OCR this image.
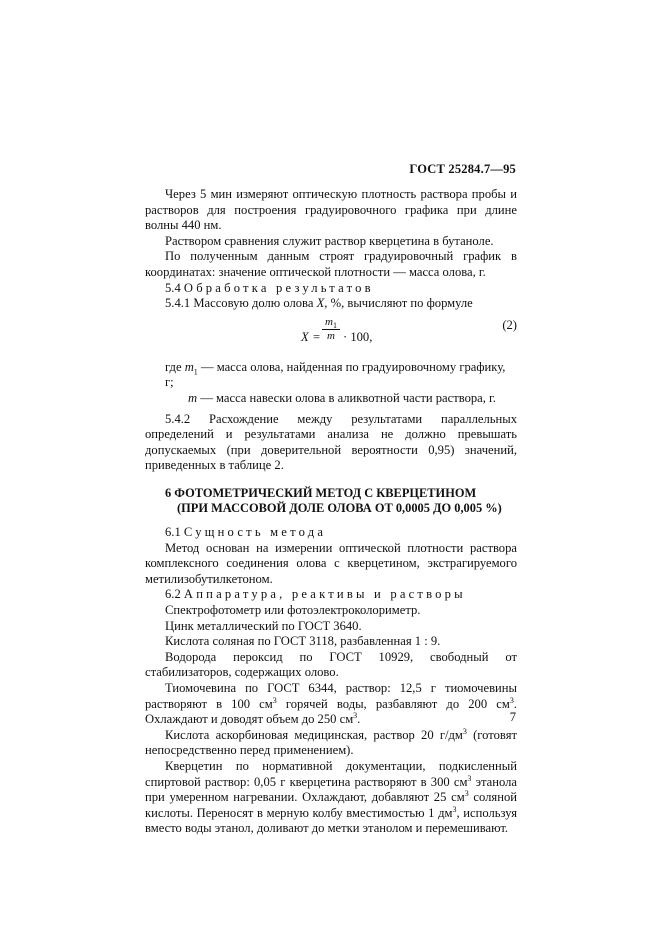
ГОСТ 25284.7—95

Через 5 мин измеряют оптическую плотность раствора пробы и растворов для построения градуировочного графика при длине волны 440 нм.

Раствором сравнения служит раствор кверцетина в бутаноле.

По полученным данным строят градуировочный график в координатах: значение оптической плотности — масса олова, г.

5.4 Обработка результатов

5.4.1 Массовую долю олова X, %, вычисляют по формуле

$X = \frac{m_1}{m} \cdot 100$,
(2)
где $m_1$ — масса олова, найденная по градуировочному графику, г;
m — масса навески олова в аликвотной части раствора, г.

5.4.2 Расхождение между результатами параллельных определений и результатами анализа не должно превышать допускаемых (при доверительной вероятности 0,95) значений, приведенных в таблице 2.

6 ФОТОМЕТРИЧЕСКИЙ МЕТОД С КВЕРЦЕТИНОМ
(ПРИ МАССОВОЙ ДОЛЕ ОЛОВА ОТ 0,0005 ДО 0,005 %)

6.1 Сущность метода

Метод основан на измерении оптической плотности раствора комплексного соединения олова с кверцетином, экстрагируемого метилизобутилкетоном.

6.2 Аппаратура, реактивы и растворы

Спектрофотометр или фотоэлектроколориметр.

Цинк металлический по ГОСТ 3640.

Кислота соляная по ГОСТ 3118, разбавленная 1 : 9.

Водорода пероксид по ГОСТ 10929, свободный от стабилизаторов, содержащих олово.

Тиомочевина по ГОСТ 6344, раствор: 12,5 г тиомочевины растворяют в 100 $см^3$ горячей воды, разбавляют до 200 $см^3$. Охлаждают и доводят объем до 250 $см^3$.

Кислота аскорбиновая медицинская, раствор 20 $г/дм^3$ (готовят непосредственно перед применением).

Кверцетин по нормативной документации, подкисленный спиртовой раствор: 0,05 г кверцетина растворяют в 300 $см^3$ этанола при умеренном нагревании. Охлаждают, добавляют 25 $см^3$ соляной кислоты. Переносят в мерную колбу вместимостью 1 $дм^3$, используя вместо воды этанол, доливают до метки этанолом и перемешивают.

7
